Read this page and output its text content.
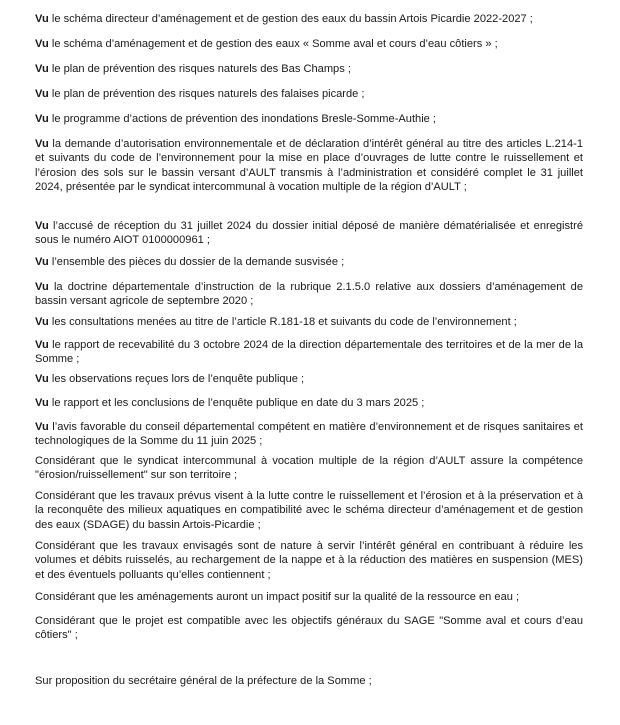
Vu le schéma directeur d’aménagement et de gestion des eaux du bassin Artois Picardie 2022-2027 ;

Vu le schéma d’aménagement et de gestion des eaux « Somme aval et cours d’eau côtiers » ;

Vu le plan de prévention des risques naturels des Bas Champs ;

Vu le plan de prévention des risques naturels des falaises picarde ;

Vu le programme d’actions de prévention des inondations Bresle-Somme-Authie ;

Vu la demande d’autorisation environnementale et de déclaration d’intérêt général au titre des articles L.214-1 et suivants du code de l’environnement pour la mise en place d’ouvrages de lutte contre le ruissellement et l’érosion des sols sur le bassin versant d’AULT transmis à l’administration et considéré complet le 31 juillet 2024, présentée par le syndicat intercommunal à vocation multiple de la région d’AULT ;

Vu l’accusé de réception du 31 juillet 2024 du dossier initial déposé de manière dématérialisée et enregistré sous le numéro AIOT 0100000961 ;

Vu l’ensemble des pièces du dossier de la demande susvisée ;

Vu la doctrine départementale d’instruction de la rubrique 2.1.5.0 relative aux dossiers d’aménagement de bassin versant agricole de septembre 2020 ;

Vu les consultations menées au titre de l’article R.181-18 et suivants du code de l’environnement ;

Vu le rapport de recevabilité du 3 octobre 2024 de la direction départementale des territoires et de la mer de la Somme ;

Vu les observations reçues lors de l’enquête publique ;

Vu le rapport et les conclusions de l’enquête publique en date du 3 mars 2025 ;

Vu l’avis favorable du conseil départemental compétent en matière d’environnement et de risques sanitaires et technologiques de la Somme du 11 juin 2025 ;

Considérant que le syndicat intercommunal à vocation multiple de la région d’AULT assure la compétence "érosion/ruissellement" sur son territoire ;

Considérant que les travaux prévus visent à la lutte contre le ruissellement et l’érosion et à la préservation et à la reconquête des milieux aquatiques en compatibilité avec le schéma directeur d’aménagement et de gestion des eaux (SDAGE) du bassin Artois-Picardie ;

Considérant que les travaux envisagés sont de nature à servir l’intérêt général en contribuant à réduire les volumes et débits ruisselés, au rechargement de la nappe et à la réduction des matières en suspension (MES) et des éventuels polluants qu’elles contiennent ;

Considérant que les aménagements auront un impact positif sur la qualité de la ressource en eau ;

Considérant que le projet est compatible avec les objectifs généraux du SAGE "Somme aval et cours d’eau côtiers" ;

Sur proposition du secrétaire général de la préfecture de la Somme ;
